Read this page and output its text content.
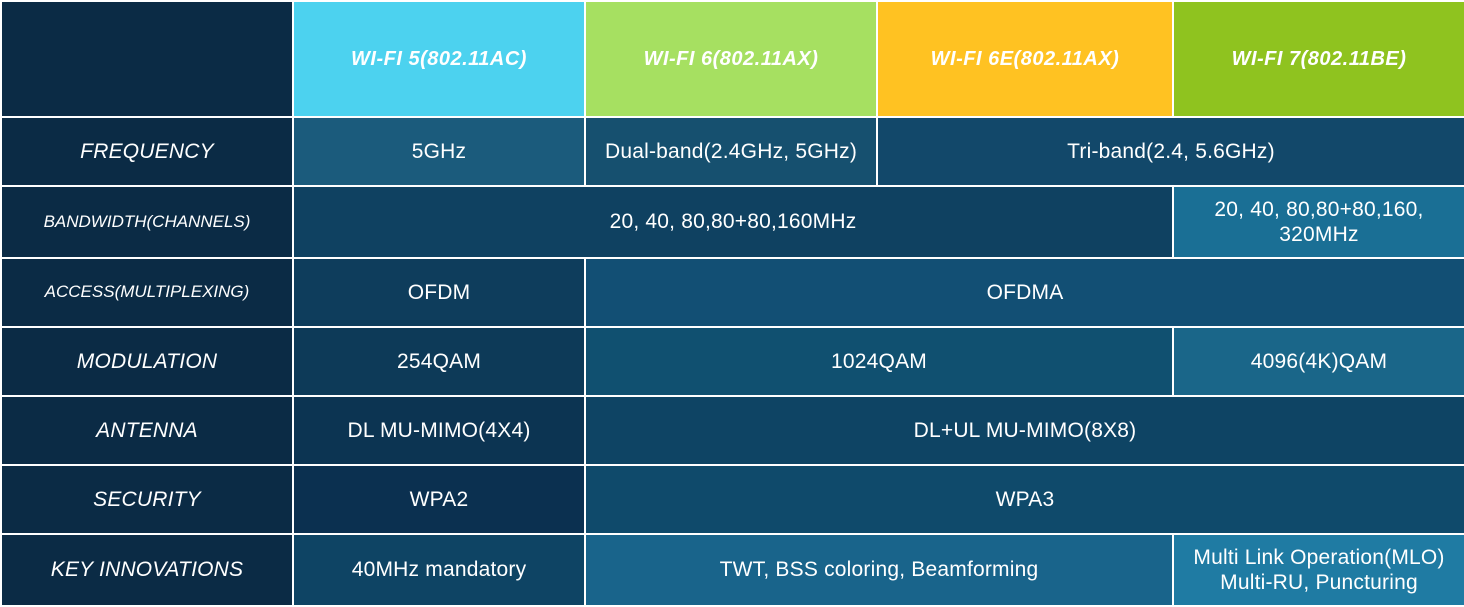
	WI-FI 5(802.11AC)	WI-FI 6(802.11AX)	WI-FI 6E(802.11AX)	WI-FI 7(802.11BE)
FREQUENCY	5GHz	Dual-band(2.4GHz, 5GHz)	Tri-band(2.4, 5.6GHz)	
BANDWIDTH(CHANNELS)	20, 40, 80,80+80,160MHz			20, 40, 80,80+80,160, 320MHz
ACCESS(MULTIPLEXING)	OFDM	OFDMA		
MODULATION	254QAM	1024QAM		4096(4K)QAM
ANTENNA	DL MU-MIMO(4X4)	DL+UL MU-MIMO(8X8)		
SECURITY	WPA2	WPA3		
KEY INNOVATIONS	40MHz mandatory	TWT, BSS coloring, Beamforming		Multi Link Operation(MLO) Multi-RU, Puncturing
